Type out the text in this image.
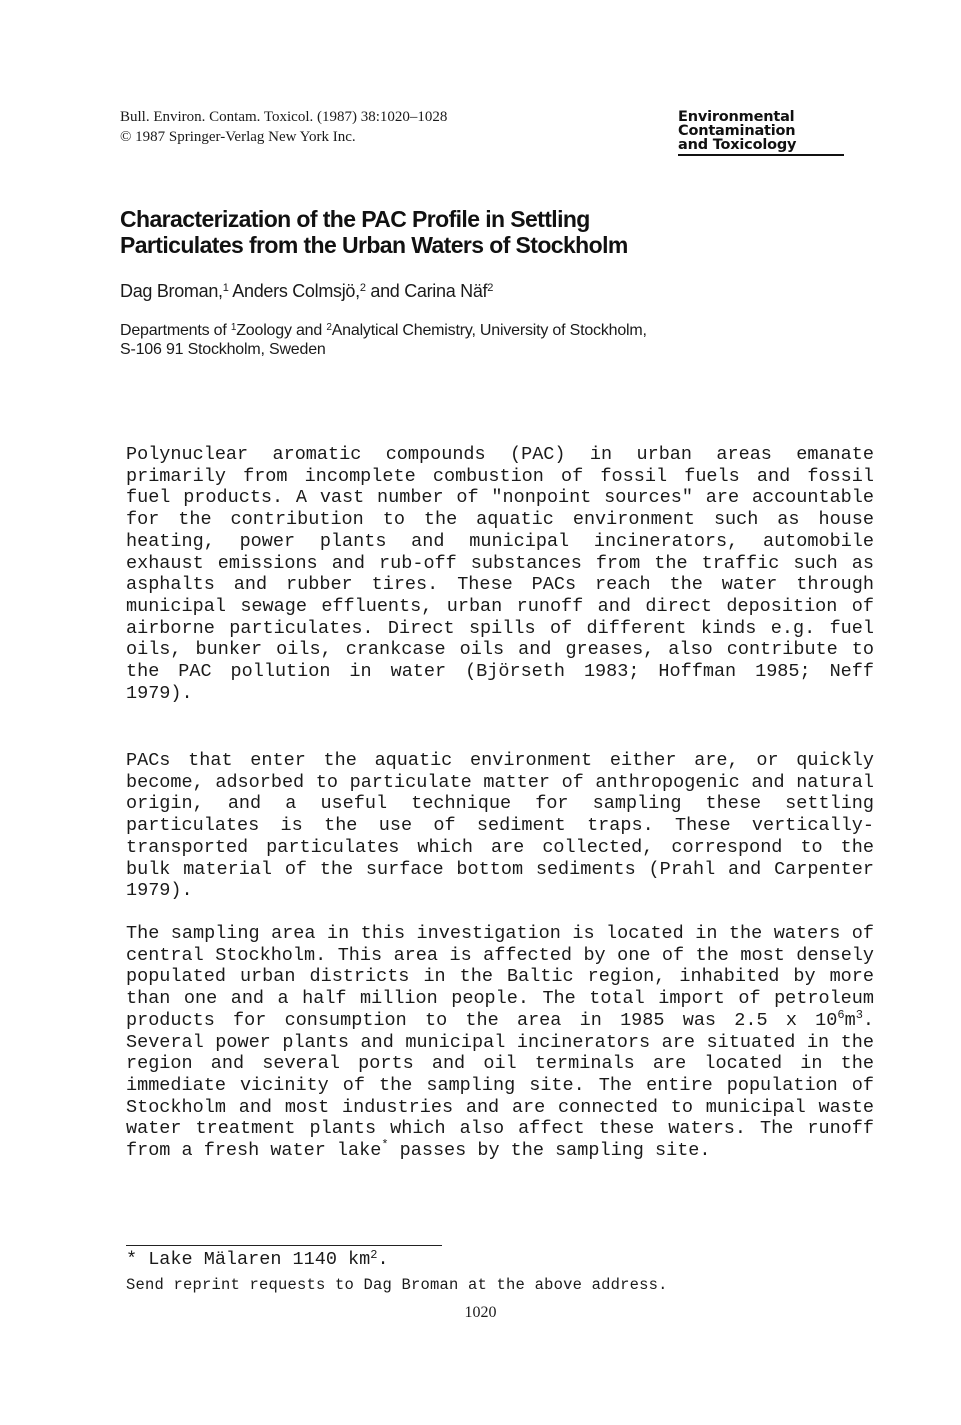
Bull. Environ. Contam. Toxicol. (1987) 38:1020–1028
© 1987 Springer-Verlag New York Inc.
Environmental
Contamination
and Toxicology
Characterization of the PAC Profile in Settling
Particulates from the Urban Waters of Stockholm
Dag Broman,$^1$ Anders Colmsjö,$^2$ and Carina Näf$^2$
Departments of $^1$Zoology and $^2$Analytical Chemistry, University of Stockholm,
S-106 91 Stockholm, Sweden

Polynuclear aromatic compounds (PAC) in urban areas emanate primarily from incomplete combustion of fossil fuels and fossil fuel products. A vast number of "nonpoint sources" are accountable for the contribution to the aquatic environment such as house heating, power plants and municipal incinerators, automobile exhaust emissions and rub-off substances from the traffic such as asphalts and rubber tires. These PACs reach the water through municipal sewage effluents, urban runoff and direct deposition of airborne particulates. Direct spills of different kinds e.g. fuel oils, bunker oils, crankcase oils and greases, also contribute to the PAC pollution in water (Björseth 1983; Hoffman 1985; Neff 1979).

PACs that enter the aquatic environment either are, or quickly become, adsorbed to particulate matter of anthropogenic and natural origin, and a useful technique for sampling these settling particulates is the use of sediment traps. These vertically-transported particulates which are collected, correspond to the bulk material of the surface bottom sediments (Prahl and Carpenter 1979).

The sampling area in this investigation is located in the waters of central Stockholm. This area is affected by one of the most densely populated urban districts in the Baltic region, inhabited by more than one and a half million people. The total import of petroleum products for consumption to the area in 1985 was 2.5 x $10^6m^3$. Several power plants and municipal incinerators are situated in the region and several ports and oil terminals are located in the immediate vicinity of the sampling site. The entire population of Stockholm and most industries and are connected to municipal waste water treatment plants which also affect these waters. The runoff from a fresh water lake* passes by the sampling site.

* Lake Mälaren 1140 $km^2$.
Send reprint requests to Dag Broman at the above address.
1020
